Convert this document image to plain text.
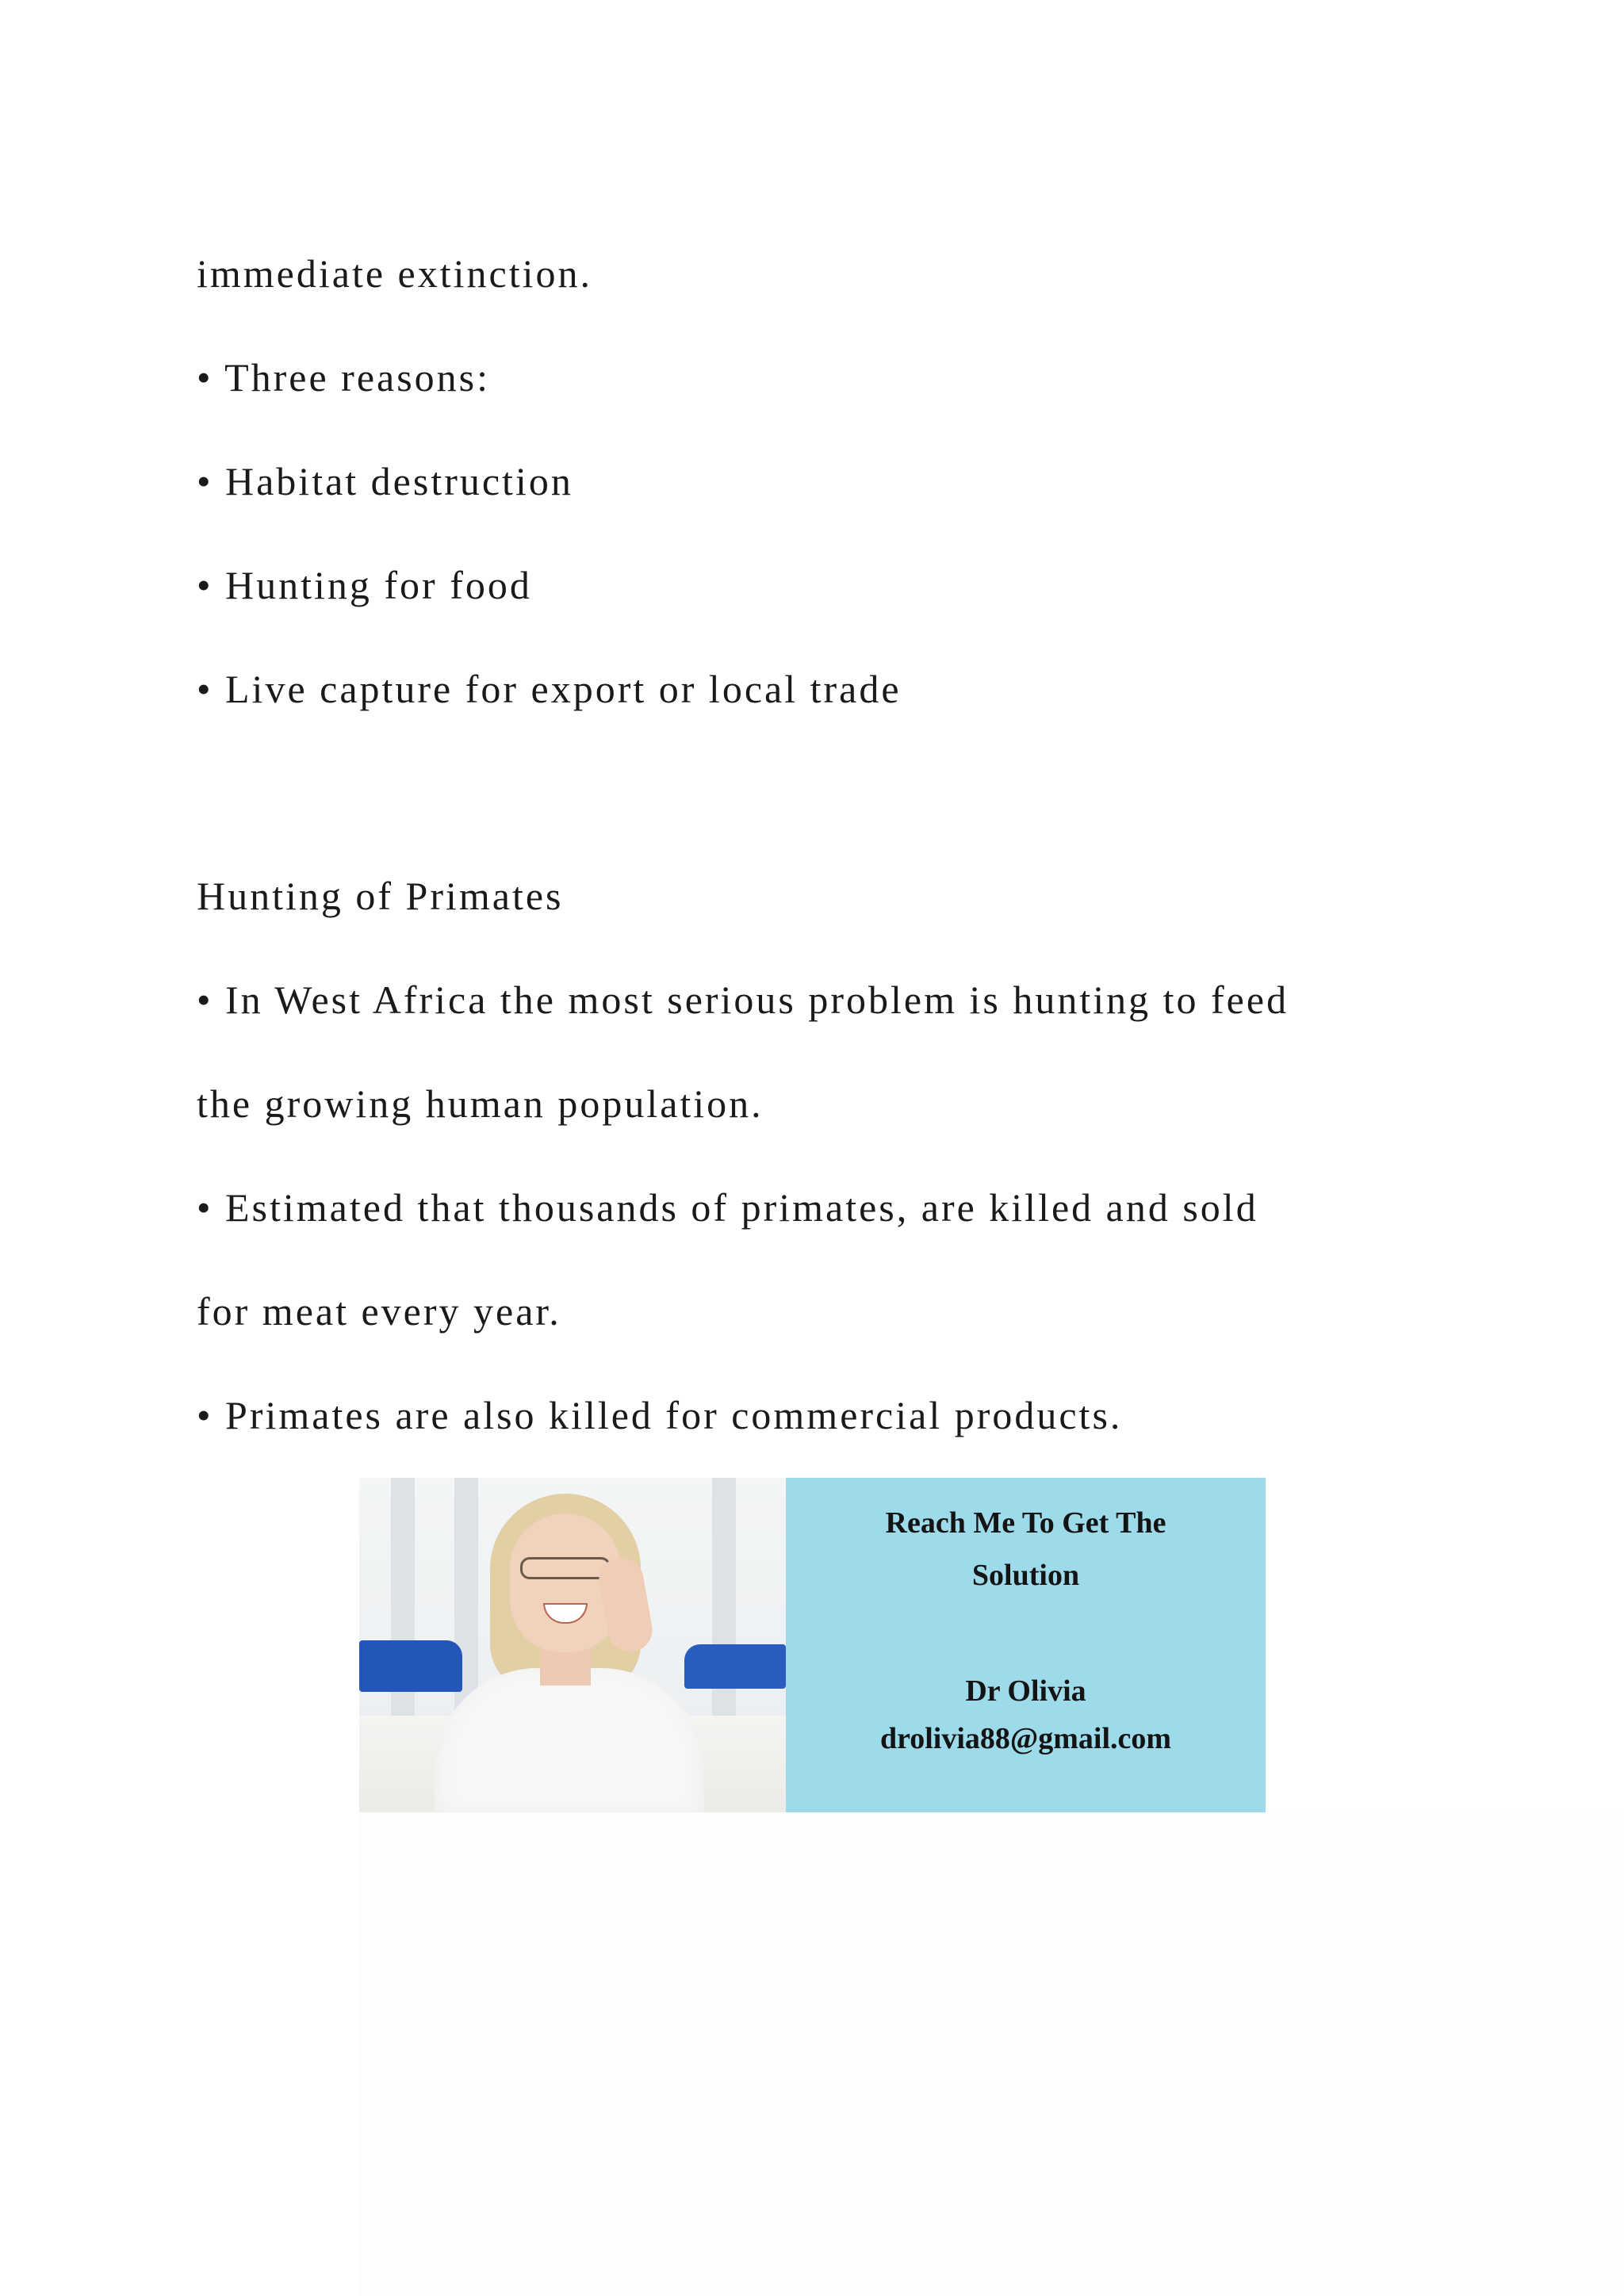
immediate extinction.

• Three reasons:

• Habitat destruction

• Hunting for food

• Live capture for export or local trade

Hunting of Primates

• In West Africa the most serious problem is hunting to feed

the growing human population.

• Estimated that thousands of primates, are killed and sold

for meat every year.

• Primates are also killed for commercial products.

Reach Me To Get The

Solution

Dr Olivia

drolivia88@gmail.com
